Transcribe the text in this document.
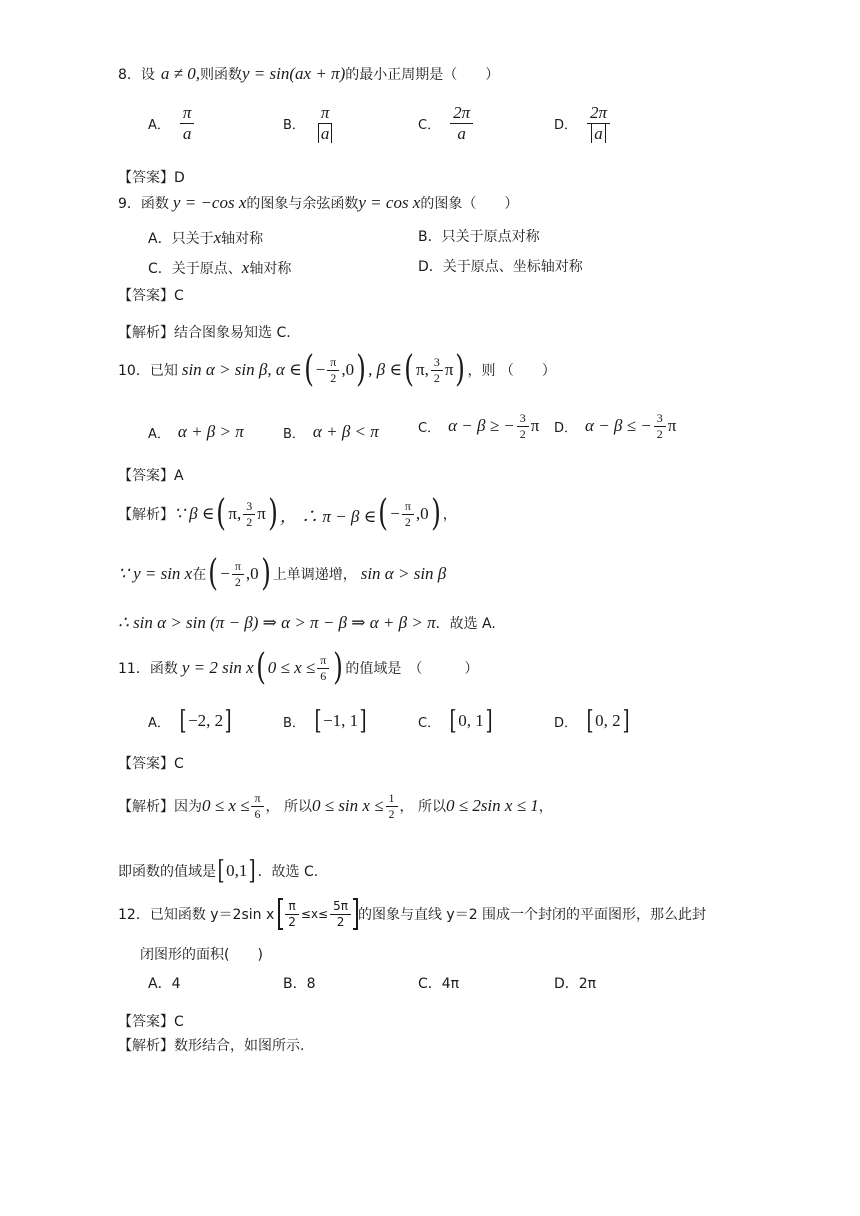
8．设 a ≠ 0, 则函数 y = sin(ax + π) 的最小正周期是（　　）
A． $\frac{\pi}{a}$	B． $\frac{\pi}{a}$	C． $\frac{2\pi}{a}$	D． $\frac{2\pi}{a}$
【答案】D
9．函数 y = −cos x 的图象与余弦函数 y = cos x 的图象（　　）
A．只关于 x 轴对称	B．只关于原点对称
C．关于原点、 x 轴对称	D．关于原点、坐标轴对称
【答案】C
【解析】结合图象易知选 C.
10．已知 sin α > sin β, α ∈ ( − $\frac{\pi}{2} ,0$ ) , β ∈ ( π, $\frac{3}{2}$ π ) ，则 （　　）
A． α + β > π	B． α + β < π	C． α − β ≥ − $\frac{3}{2}$ π D． α − β ≤ − $\frac{3}{2}$ π
【答案】A
【解析】 ∵ β ∈ ( π, $\frac{3}{2}$ π ) ， ∴ π − β ∈ ( − $\frac{\pi}{2} ,0$ ) ，
∵ y = sin x 在 ( − $\frac{\pi}{2} ,0$ ) 上单调递增， sin α > sin β
∴ sin α > sin (π − β) ⇒ α > π − β ⇒ α + β > π ．故选 A.
11．函数 y = 2 sin x ( $0 \le x \le \frac{\pi}{6}$ ) 的值域是　（　　　）
A． [ −2, 2 ]	B． [ −1, 1 ]	C． [ 0, 1 ]	D． [ 0, 2 ]
【答案】C
【解析】因为 $0 \le x \le \frac{\pi}{6}$ ， 所以 $0 \le \sin x \le \frac{1}{2}$ ， 所以 0 ≤ 2sin x ≤ 1 ，
即函数的值域是 [ 0,1 ] ．故选 C.
12．已知函数 y＝2sin x $\frac{\pi}{2} \le x\le \frac{5\pi}{2}$ 的图象与直线 y＝2 围成一个封闭的平面图形，那么此封
闭图形的面积(　　)
A．4	B．8	C．4π	D．2π
【答案】C
【解析】数形结合，如图所示.
